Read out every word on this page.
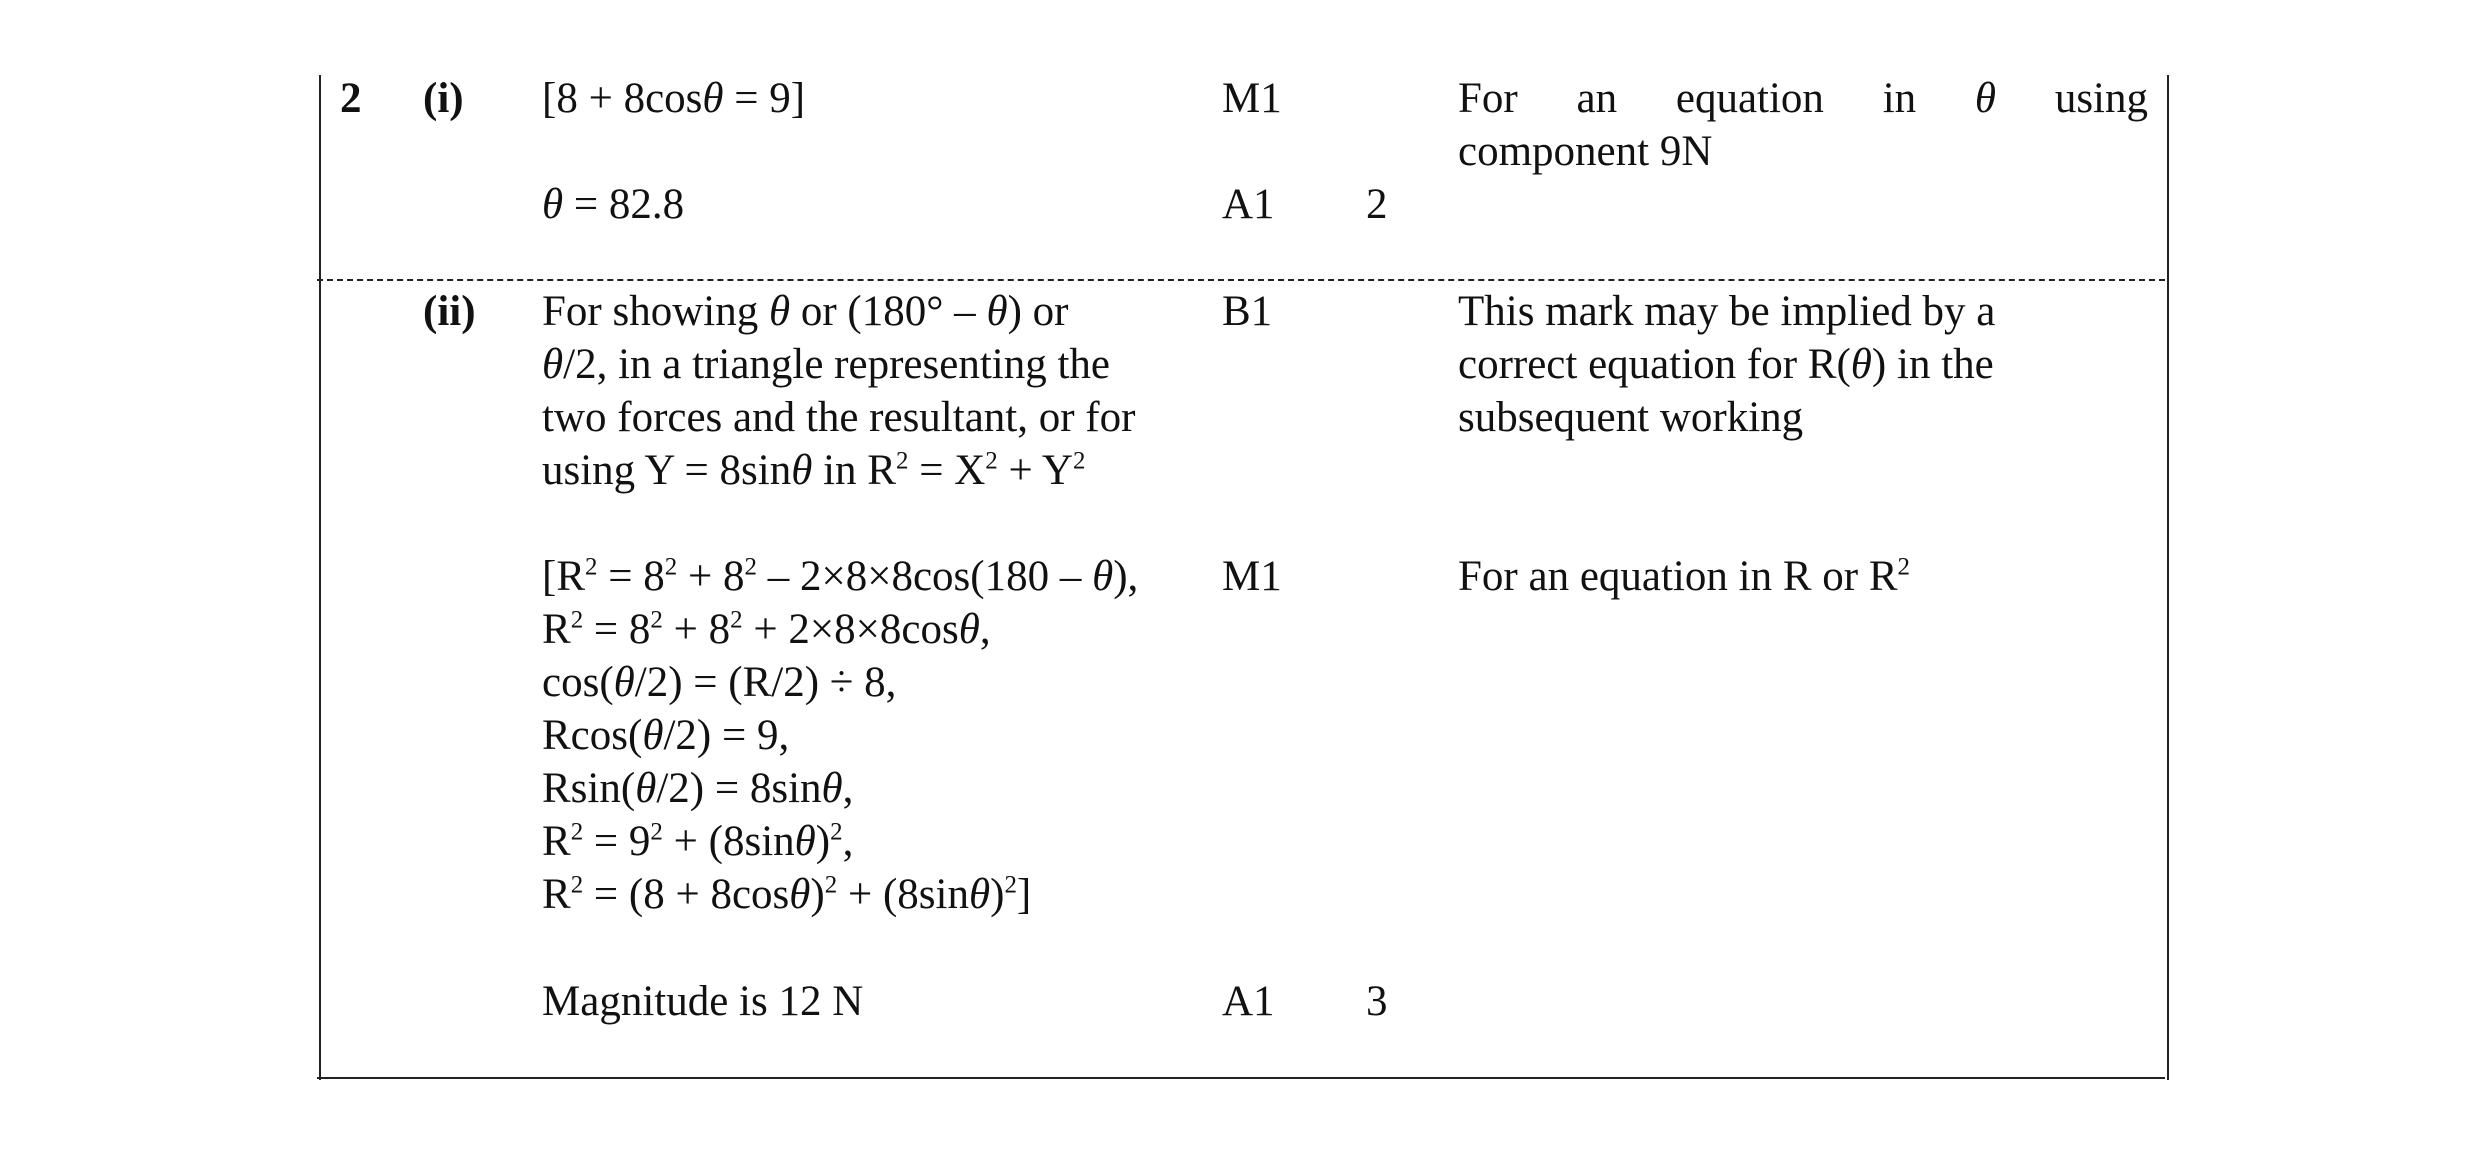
2 (i) [8 + 8cosθ = 9]	M1	For an equation in θ using
component 9N
θ = 82.8	A1 2
(ii) For showing θ or (180° – θ) or
θ/2, in a triangle representing the
two forces and the resultant, or for
using Y = 8sinθ in $R^2 = X^2 + Y^2$
B1	This mark may be implied by a
correct equation for R(θ) in the
subsequent working
[$R^2 = 8^2 + 8^2 - 2\times 8\times 8\cos(180 - \theta)$,
$R^2 = 8^2 + 8^2 + 2\times 8\times 8\cos\theta$,
cos(θ/2) = (R/2) ÷ 8,
Rcos(θ/2) = 9,
Rsin(θ/2) = 8sinθ,
$R^2 = 9^2 + (8\sin\theta)^2$,
$R^2 = (8 + 8\cos\theta)^2 + (8\sin\theta)^2$]
M1	For an equation in R or $R^2$
Magnitude is 12 N	A1 3
